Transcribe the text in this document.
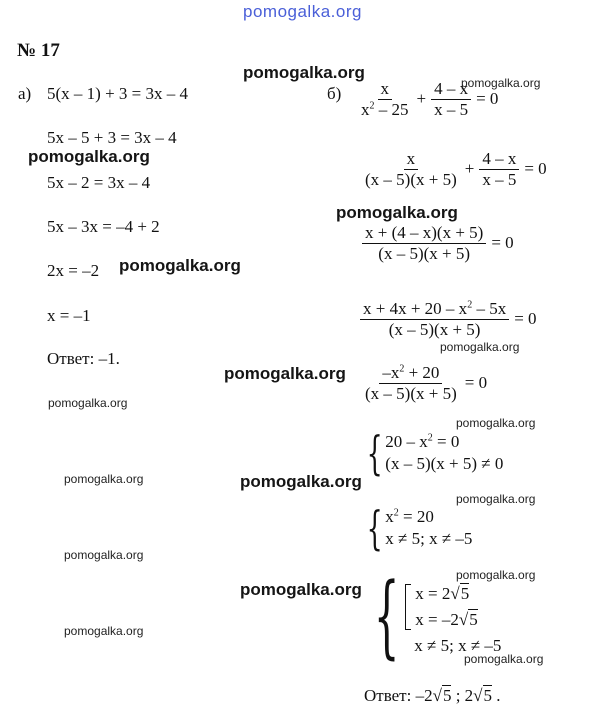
pomogalka.org
№ 17
а) 5(x – 1) + 3 = 3x – 4
5x – 5 + 3 = 3x – 4
5x – 2 = 3x – 4
5x – 3x = –4 + 2
2x = –2
x = –1
Ответ: –1.
$б) \frac{x}{x^2 - 25} + \frac{4 - x}{x - 5} = 0$
$\frac{x}{(x - 5)(x + 5)} + \frac{4 - x}{x - 5} = 0$
$\frac{x + (4 - x)(x + 5)}{(x - 5)(x + 5)} = 0$
$\frac{x + 4x + 20 - x^2 - 5x}{(x - 5)(x + 5)} = 0$
$\frac{-x^2 + 20}{(x - 5)(x + 5)} = 0$
{ $20 - x^2 = 0$
(x – 5)(x + 5) ≠ 0
{ $x^2 = 20$
x ≠ 5; x ≠ –5
{ x = 2√5
x = –2√5
x ≠ 5; x ≠ –5
Ответ: –2√5 ; 2√5 .
pomogalka.org
pomogalka.org
pomogalka.org
pomogalka.org
pomogalka.org
pomogalka.org
pomogalka.org
pomogalka.org
pomogalka.org
pomogalka.org
pomogalka.org
pomogalka.org
pomogalka.org
pomogalka.org
pomogalka.org
pomogalka.org
pomogalka.org
